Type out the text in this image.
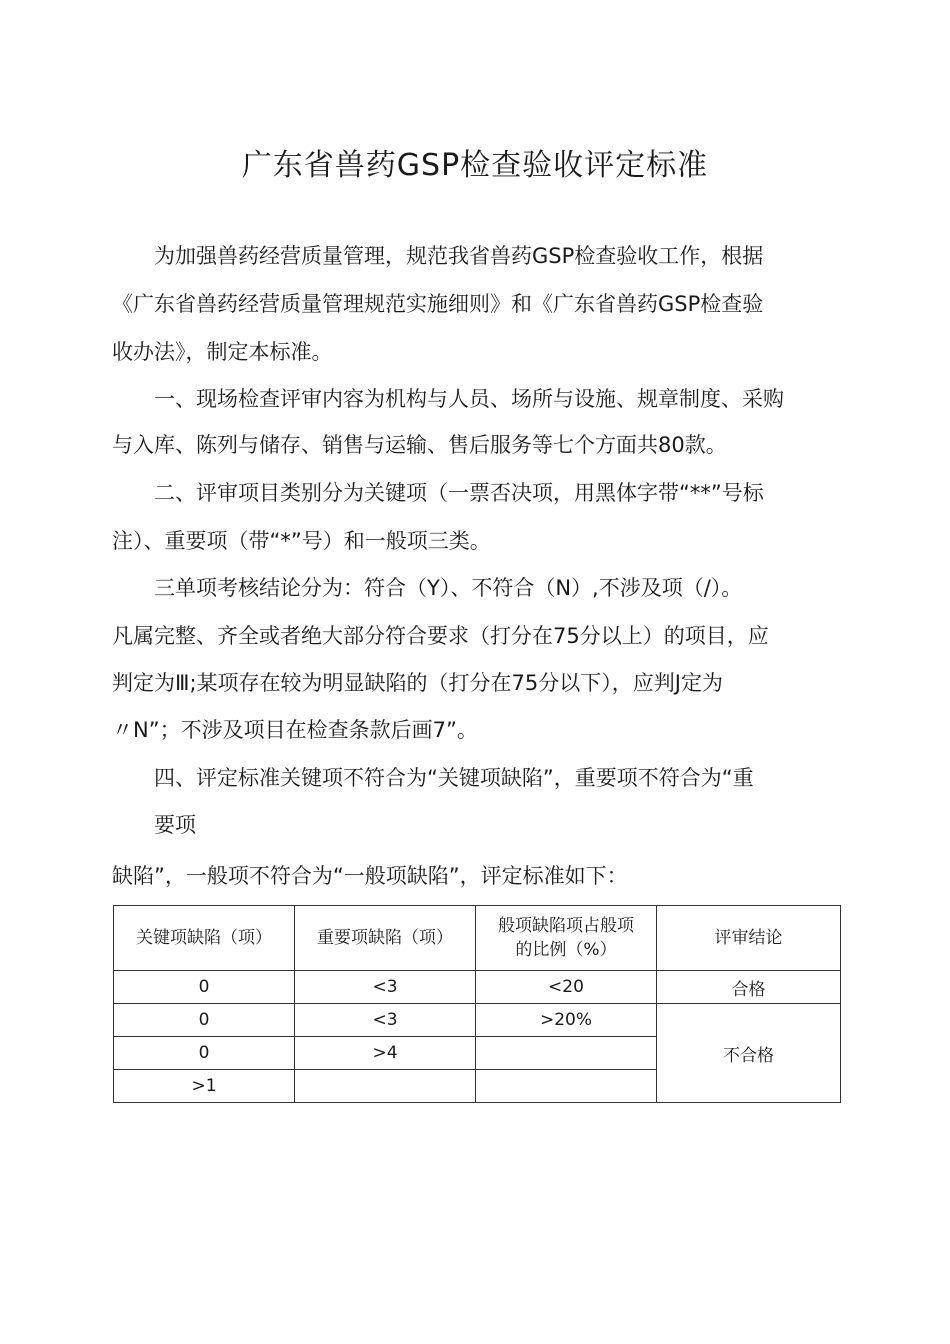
广东省兽药GSP检查验收评定标准
　　为加强兽药经营质量管理，规范我省兽药GSP检查验收工作，根据
《广东省兽药经营质量管理规范实施细则》和《广东省兽药GSP检查验
收办法》，制定本标准。
　　一、现场检查评审内容为机构与人员、场所与设施、规章制度、采购
与入库、陈列与储存、销售与运输、售后服务等七个方面共80款。
　　二、评审项目类别分为关键项（一票否决项，用黑体字带“**”号标
注）、重要项（带“*”号）和一般项三类。
　　三单项考核结论分为：符合（Y）、不符合（N）,不涉及项（/）。
凡属完整、齐全或者绝大部分符合要求（打分在75分以上）的项目，应
判定为Ⅲ;某项存在较为明显缺陷的（打分在75分以下），应判J定为
〃N”；不涉及项目在检查条款后画7”。
　　四、评定标准关键项不符合为“关键项缺陷”，重要项不符合为“重
　　要项
缺陷”，一般项不符合为“一般项缺陷”，评定标准如下：
关键项缺陷（项）	重要项缺陷（项）	般项缺陷项占般项的比例（%）	评审结论
0	<3	<20	合格
0	<3	>20%	不合格
0	>4		
>1			
